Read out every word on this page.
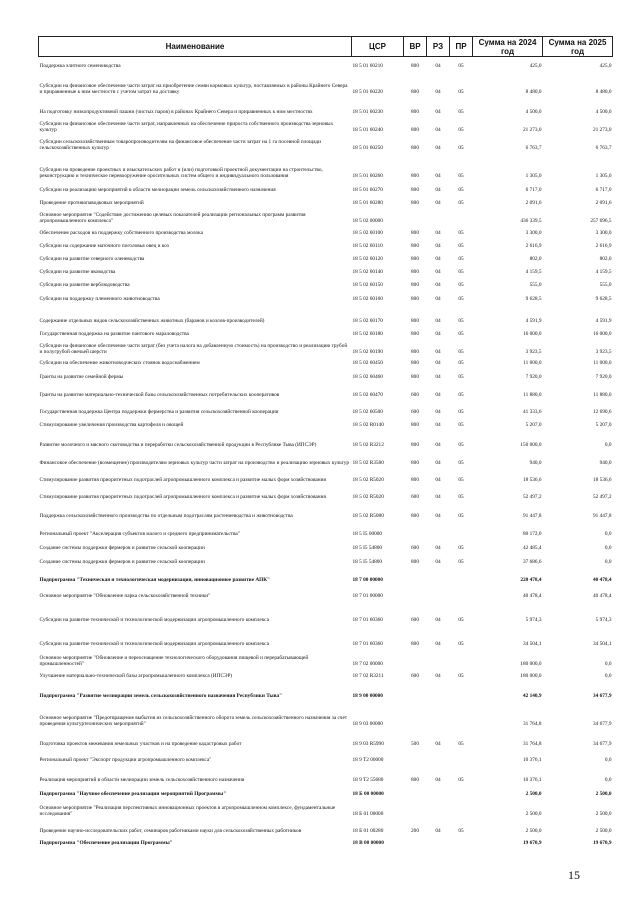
Наименование	ЦСР	ВР	РЗ	ПР	Сумма на 2024 год	Сумма на 2025 год
Поддержка элитного семеноводства	18 5 01 60210	800	04	05	425,0	425,0
Субсидии на финансовое обеспечение части затрат на приобретение семян кормовых культур, поставляемых в районы Крайнего Севера и приравненные к ним местности с учетом затрат на доставку	18 5 01 60220	800	04	05	8 480,0	8 480,0
На подготовку низкопродуктивной пашни (чистых паров) в районах Крайнего Севера и приравненных к ним местностях	18 5 01 60230	800	04	05	4 500,0	4 500,0
Субсидии на финансовое обеспечение части затрат, направленных на обеспечение прироста собственного производства зерновых культур	18 5 01 60240	800	04	05	21 273,0	21 273,0
Субсидии сельскохозяйственным товаропроизводителям на финансовое обеспечение части затрат на 1 га посевной площади сельскохозяйственных культур	18 5 01 60250	800	04	05	6 763,7	6 763,7
Субсидии на проведение проектных и изыскательских работ и (или) подготовкой проектной документации на строительство, реконструкцию и техническое перевооружение оросительных систем общего и индивидуального пользования	18 5 01 60260	800	04	05	1 305,0	1 305,0
Субсидии на реализацию мероприятий в области мелиорации земель сельскохозяйственного назначения	18 5 01 60270	800	04	05	6 717,0	6 717,0
Проведение противопаводковых мероприятий	18 5 01 60280	800	04	05	2 091,6	2 091,6
Основное мероприятие "Содействие достижению целевых показателей реализации региональных программ развития агропромышленного комплекса"	18 5 02 00000				436 339,5	257 696,5
Обеспечение расходов на поддержку собственного производства молока	18 5 02 60100	800	04	05	3 300,0	3 300,0
Субсидии на содержание маточного поголовья овец и коз	18 5 02 60110	800	04	05	2 616,9	2 616,9
Субсидии на развитие северного оленеводства	18 5 02 60120	800	04	05	802,0	802,0
Субсидии на развитие яководства	18 5 02 60140	800	04	05	4 159,5	4 159,5
Субсидии на развитие верблюдоводства	18 5 02 60150	800	04	05	555,0	555,0
Субсидии на поддержку племенного животноводства	18 5 02 60160	800	04	05	9 628,5	9 628,5
Содержание отдельных видов сельскохозяйственных животных (баранов и козлов-производителей)	18 5 02 60170	800	04	05	4 591,9	4 591,9
Государственная поддержка на развитие пантового мараловодства	18 5 02 60180	800	04	05	16 000,0	16 000,0
Субсидии на финансовое обеспечение части затрат (без учета налога на добавленную стоимость) на производство и реализацию грубой и полугрубой овечьей шерсти	18 5 02 60190	800	04	05	3 923,5	3 923,5
Субсидии на обеспечение животноводческих стоянок водоснабжением	18 5 02 60450	800	04	05	11 000,0	11 000,0
Гранты на развитие семейной фермы	18 5 02 60460	800	04	05	7 920,0	7 920,0
Гранты на развитие материально-технической базы сельскохозяйственных потребительских кооперативов	18 5 02 60470	600	04	05	11 880,0	11 880,0
Государственная поддержка Центра поддержки фермерства и развития сельскохозяйственной кооперации	18 5 02 60500	600	04	05	41 333,6	12 690,6
Стимулирование увеличения производства картофеля и овощей	18 5 02 R0140	800	04	05	5 207,0	5 207,0
Развитие молочного и мясного скотоводства и переработки сельскохозяйственной продукции в Республике Тыва (ИПСЭР)	18 5 02 R3212	800	04	05	150 000,0	0,0
Финансовое обеспечение (возмещение) производителям зерновых культур части затрат на производство и реализацию зерновых культур	18 5 02 R3580	800	04	05	940,0	940,0
Стимулирование развития приоритетных подотраслей агропромышленного комплекса и развитие малых форм хозяйствования	18 5 02 R5020	800	04	05	18 536,6	18 536,6
Стимулирование развития приоритетных подотраслей агропромышленного комплекса и развитие малых форм хозяйствования	18 5 02 R5020	600	04	05	52 497,2	52 497,2
Поддержка сельскохозяйственного производства по отдельным подотраслям растениеводства и животноводства	18 5 02 R5080	800	04	05	91 447,8	91 447,8
Региональный проект "Акселерация субъектов малого и среднего предпринимательства"	18 5 I5 00000				80 172,0	0,0
Создание системы поддержки фермеров и развитие сельской кооперации	18 5 I5 54800	600	04	05	42 485,4	0,0
Создание системы поддержки фермеров и развитие сельской кооперации	18 5 I5 54800	800	04	05	37 686,6	0,0
Подпрограмма "Техническая и технологическая модернизация, инновационное развитие АПК"	18 7 00 00000				220 478,4	40 478,4
Основное мероприятие "Обновление парка сельскохозяйственной техники"	18 7 01 00000				40 478,4	40 478,4
Субсидии на развитие технической и технологической модернизации агропромышленного комплекса	18 7 01 60360	600	04	05	5 974,3	5 974,3
Субсидии на развитие технической и технологической модернизации агропромышленного комплекса	18 7 01 60360	800	04	05	34 504,1	34 504,1
Основное мероприятие "Обновление и переоснащение технологического оборудования пищевой и перерабатывающей промышленностей"	18 7 02 00000				180 000,0	0,0
Улучшение материально-технической базы агропромышленного комплекса (ИПСЭР)	18 7 02 R3211	600	04	05	180 000,0	0,0
Подпрограмма "Развитие мелиорации земель сельскохозяйственного назначения Республики Тыва"	18 9 00 00000				42 140,9	34 677,9
Основное мероприятие "Предотвращение выбытия из сельскохозяйственного оборота земель сельскохозяйственного назначения за счет проведения культуртехнических мероприятий"	18 9 03 00000				31 764,8	34 677,9
Подготовка проектов межевания земельных участков и на проведение кадастровых работ	18 9 03 R5990	500	04	05	31 764,8	34 677,9
Региональный проект "Экспорт продукции агропромышленного комплекса"	18 9 T2 00000				10 376,1	0,0
Реализация мероприятий в области мелиорации земель сельскохозяйственного назначения	18 9 T2 55680	800	04	05	10 376,1	0,0
Подпрограмма "Научное обеспечение реализации мероприятий Программы"	18 Б 00 00000				2 500,0	2 500,0
Основное мероприятие "Реализация перспективных инновационных проектов в агропромышленном комплексе, фундаментальные исследования"	18 Б 01 00000				2 500,0	2 500,0
Проведение научно-исследовательских работ, семинаров работниками науки для сельскохозяйственных работников	18 Б 01 00280	200	04	05	2 500,0	2 500,0
Подпрограмма "Обеспечение реализации Программы"	18 В 00 00000				19 670,9	19 670,9
15
